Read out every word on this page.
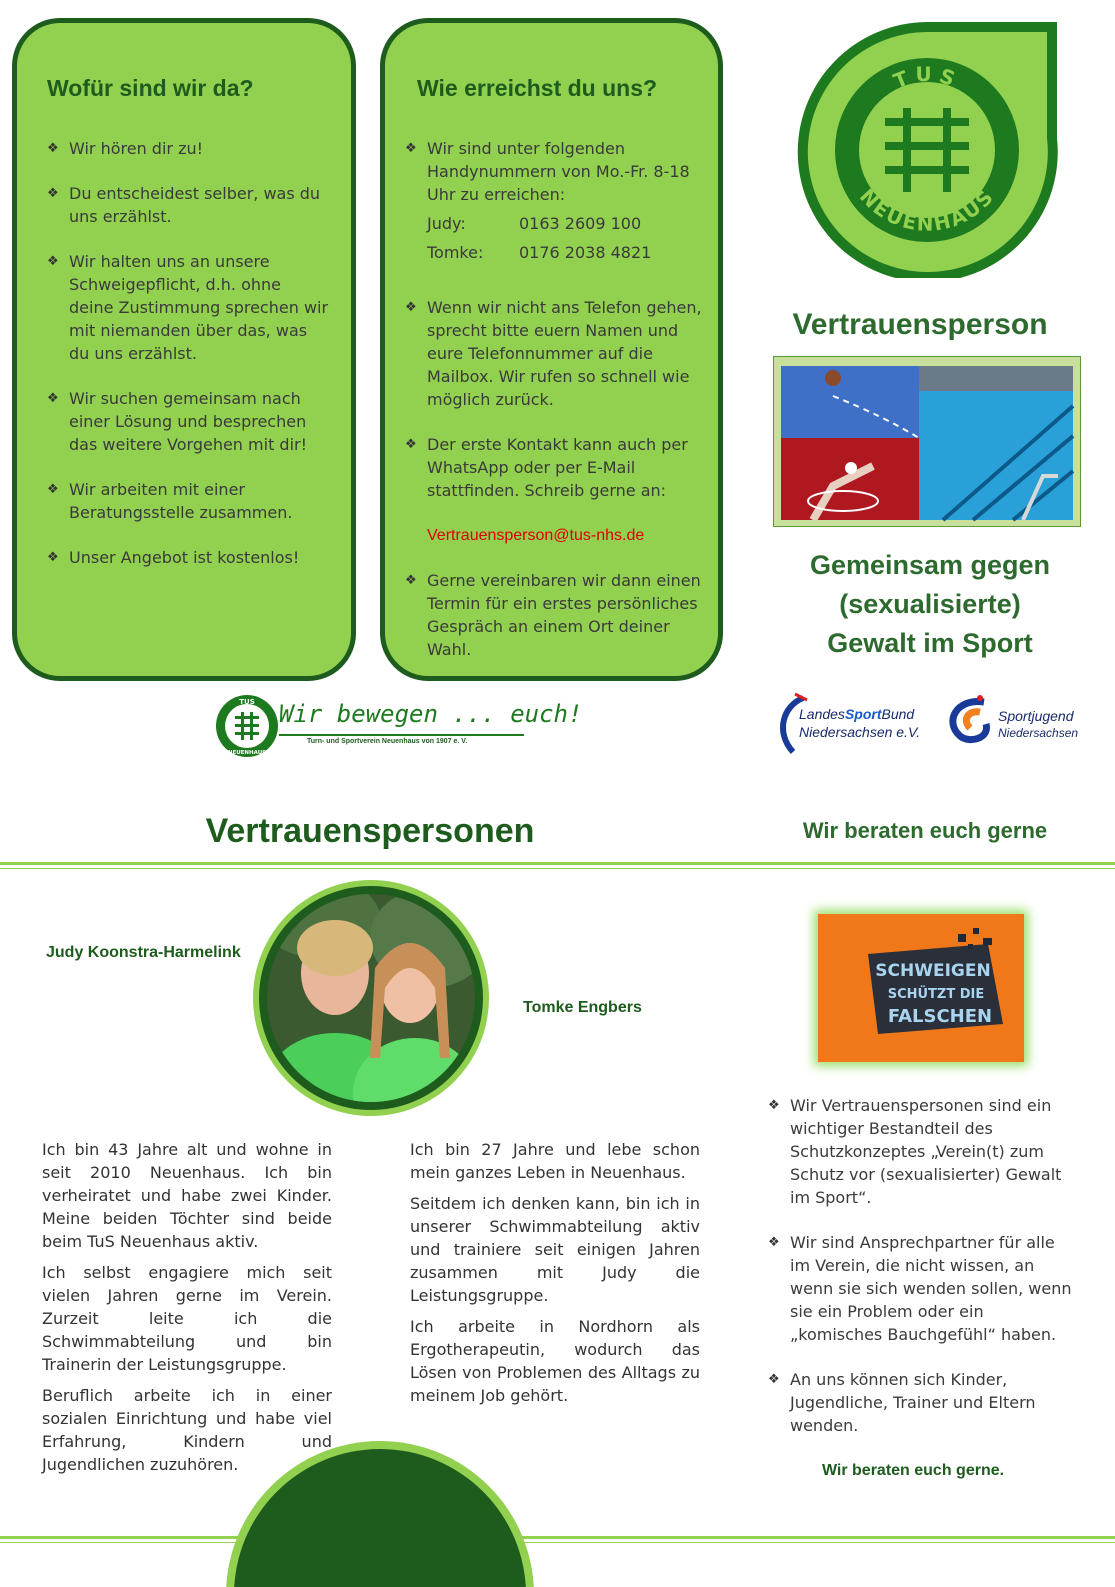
Wofür sind wir da?
❖ Wir hören dir zu!
❖ Du entscheidest selber, was du uns erzählst.
❖ Wir halten uns an unsere Schweigepflicht, d.h. ohne deine Zustimmung sprechen wir mit niemanden über das, was du uns erzählst.
❖ Wir suchen gemeinsam nach einer Lösung und besprechen das weitere Vorgehen mit dir!
❖ Wir arbeiten mit einer Beratungsstelle zusammen.
❖ Unser Angebot ist kostenlos!
Wie erreichst du uns?
❖ Wir sind unter folgenden Handynummern von Mo.-Fr. 8-18 Uhr zu erreichen:
Judy:	0163 2609 100
Tomke:	0176 2038 4821
❖ Wenn wir nicht ans Telefon gehen, sprecht bitte euern Namen und eure Telefonnummer auf die Mailbox. Wir rufen so schnell wie möglich zurück.
❖ Der erste Kontakt kann auch per WhatsApp oder per E-Mail stattfinden. Schreib gerne an:
Vertrauensperson@tus-nhs.de
❖ Gerne vereinbaren wir dann einen Termin für ein erstes persönliches Gespräch an einem Ort deiner Wahl.
TUS
NEUENHAUS
Vertrauensperson
Gemeinsam gegen
(sexualisierte)
Gewalt im Sport
TUS
NEUENHAUS
Wir bewegen ... euch!
Turn- und Sportverein Neuenhaus von 1907 e. V.
LandesSportBund
Niedersachsen e.V.
Sportjugend
Niedersachsen
Vertrauenspersonen	Wir beraten euch gerne
Judy Koonstra-Harmelink
Tomke Engbers

Ich bin 43 Jahre alt und wohne in seit 2010 Neuenhaus. Ich bin verheiratet und habe zwei Kinder. Meine beiden Töchter sind beide beim TuS Neuenhaus aktiv.

Ich selbst engagiere mich seit vielen Jahren gerne im Verein. Zurzeit leite ich die Schwimmabteilung und bin Trainerin der Leistungsgruppe.

Beruflich arbeite ich in einer sozialen Einrichtung und habe viel Erfahrung, Kindern und Jugendlichen zuzuhören.

Ich bin 27 Jahre und lebe schon mein ganzes Leben in Neuenhaus.

Seitdem ich denken kann, bin ich in unserer Schwimmabteilung aktiv und trainiere seit einigen Jahren zusammen mit Judy die Leistungsgruppe.

Ich arbeite in Nordhorn als Ergotherapeutin, wodurch das Lösen von Problemen des Alltags zu meinem Job gehört.

SCHWEIGEN
SCHÜTZT DIE
FALSCHEN
❖ Wir Vertrauenspersonen sind ein wichtiger Bestandteil des Schutzkonzeptes „Verein(t) zum Schutz vor (sexualisierter) Gewalt im Sport“.
❖ Wir sind Ansprechpartner für alle im Verein, die nicht wissen, an wenn sie sich wenden sollen, wenn sie ein Problem oder ein „komisches Bauchgefühl“ haben.
❖ An uns können sich Kinder, Jugendliche, Trainer und Eltern wenden.
Wir beraten euch gerne.
